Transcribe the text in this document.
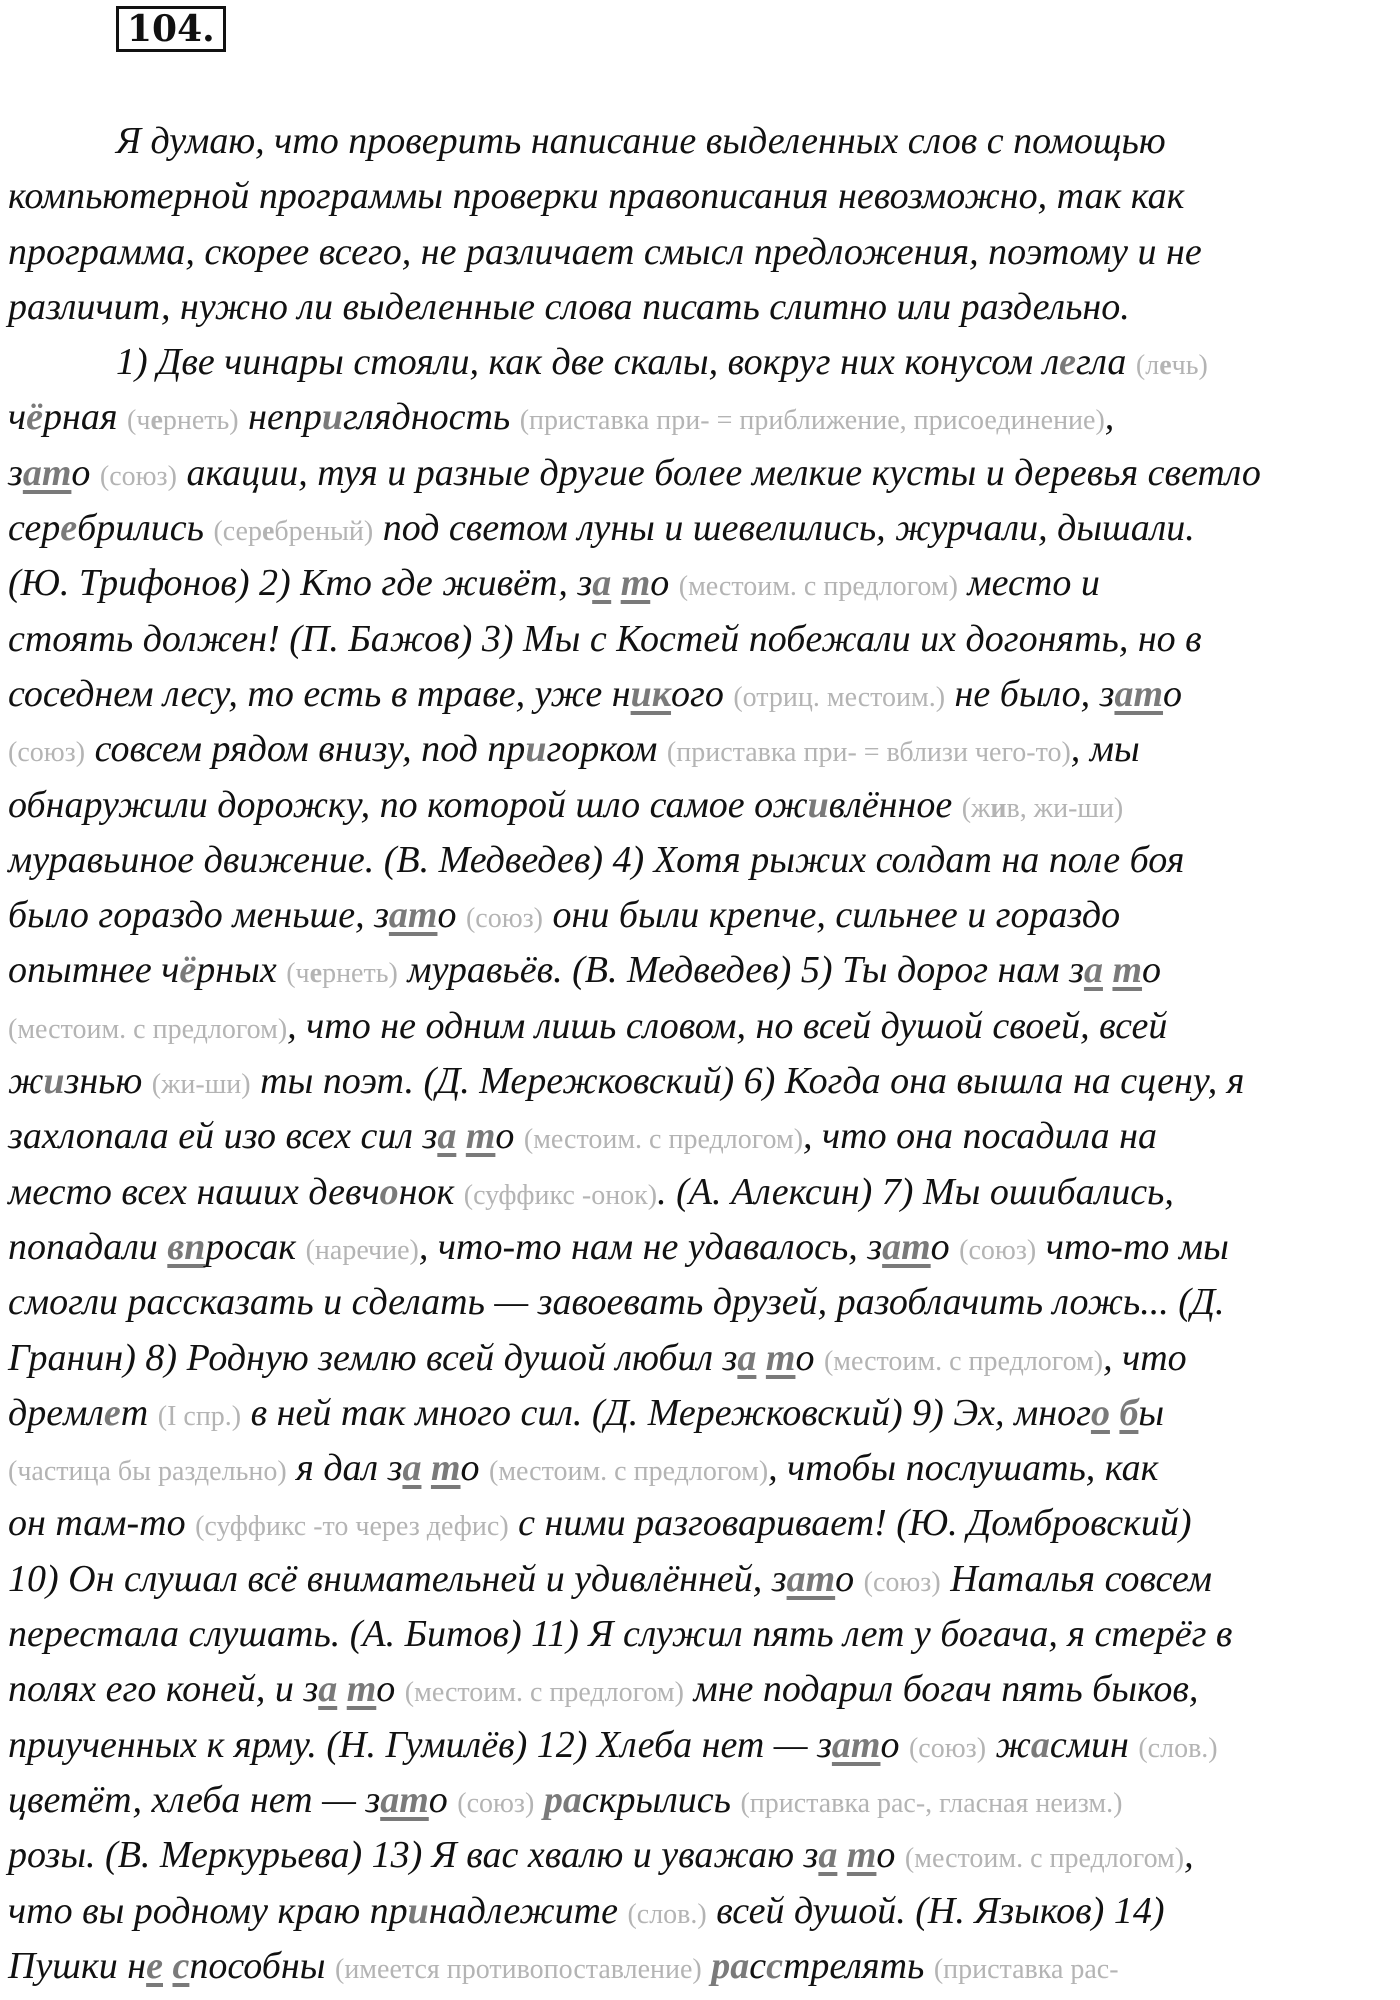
104.
Я думаю, что проверить написание выделенных слов с помощью
компьютерной программы проверки правописания невозможно, так как
программа, скорее всего, не различает смысл предложения, поэтому и не
различит, нужно ли выделенные слова писать слитно или раздельно.
1) Две чинары стояли, как две скалы, вокруг них конусом легла (лечь)
чёрная (чернеть) неприглядность (приставка при- = приближение, присоединение),
зато (союз) акации, туя и разные другие более мелкие кусты и деревья светло
серебрились (серебреный) под светом луны и шевелились, журчали, дышали.
(Ю. Трифонов) 2) Кто где живёт, за то (местоим. с предлогом) место и
стоять должен! (П. Бажов) 3) Мы с Костей побежали их догонять, но в
соседнем лесу, то есть в траве, уже никого (отриц. местоим.) не было, зато
(союз) совсем рядом внизу, под пригорком (приставка при- = вблизи чего-то), мы
обнаружили дорожку, по которой шло самое оживлённое (жив, жи-ши)
муравьиное движение. (В. Медведев) 4) Хотя рыжих солдат на поле боя
было гораздо меньше, зато (союз) они были крепче, сильнее и гораздо
опытнее чёрных (чернеть) муравьёв. (В. Медведев) 5) Ты дорог нам за то
(местоим. с предлогом), что не одним лишь словом, но всей душой своей, всей
жизнью (жи-ши) ты поэт. (Д. Мережковский) 6) Когда она вышла на сцену, я
захлопала ей изо всех сил за то (местоим. с предлогом), что она посадила на
место всех наших девчонок (суффикс -онок). (А. Алексин) 7) Мы ошибались,
попадали впросак (наречие), что-то нам не удавалось, зато (союз) что-то мы
смогли рассказать и сделать — завоевать друзей, разоблачить ложь... (Д.
Гранин) 8) Родную землю всей душой любил за то (местоим. с предлогом), что
дрeмлет (I спр.) в ней так много сил. (Д. Мережковский) 9) Эх, много бы
(частица бы раздельно) я дал за то (местоим. с предлогом), чтобы послушать, как
он там-то (суффикс -то через дефис) с ними разговаривает! (Ю. Домбровский)
10) Он слушал всё внимательней и удивлённей, зато (союз) Наталья совсем
перестала слушать. (А. Битов) 11) Я служил пять лет у богача, я стерёг в
полях его коней, и за то (местоим. с предлогом) мне подарил богач пять быков,
приученных к ярму. (Н. Гумилёв) 12) Хлеба нет — зато (союз) жасмин (слов.)
цветёт, хлеба нет — зато (союз) раскрылись (приставка рас-, гласная неизм.)
розы. (В. Меркурьева) 13) Я вас хвалю и уважаю за то (местоим. с предлогом),
что вы родному краю принадлежите (слов.) всей душой. (Н. Языков) 14)
Пушки не способны (имеется противопоставление) расстрелять (приставка рас-
